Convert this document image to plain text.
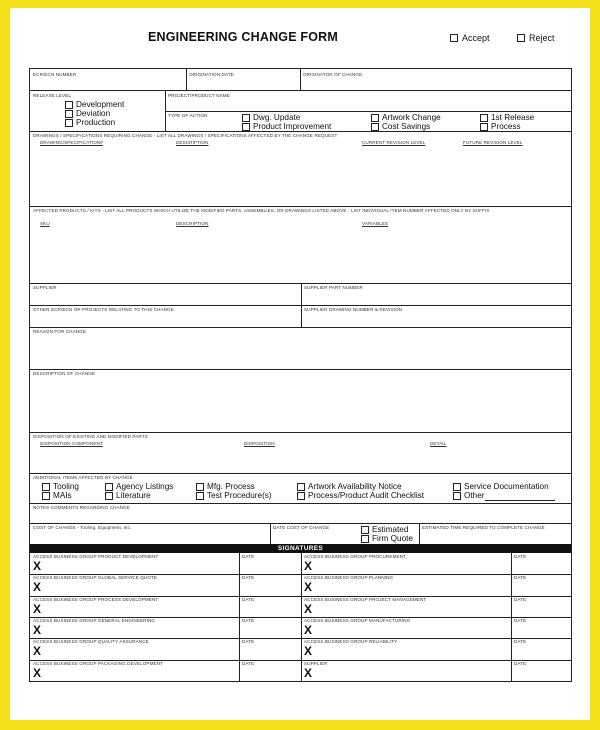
ENGINEERING CHANGE FORM	Accept	Reject
ECR/ECN NUMBER	ORIGINATION DATE	ORIGINATOR OF CHANGE
RELEASE LEVEL
Development
Deviation
Production
PROJECT/PRODUCT NAME
TYPE OF ACTION	Dwg. Update
Product Improvement
Artwork Change
Cost Savings
1st Release
Process
DRAWINGS / SPECIFICATIONS REQUIRING CHANGE - LIST ALL DRAWINGS / SPECIFICATIONS AFFECTED BY THE CHANGE REQUEST
DRAWING/SPECIFICATION#	DESCRIPTION	CURRENT REVISION LEVEL	FUTURE REVISION LEVEL
AFFECTED PRODUCTS / KITS - LIST ALL PRODUCTS WHICH UTILIZE THE MODIFIED PARTS, ASSEMBLIES, OR DRAWINGS LISTED ABOVE - LIST INDIVIDUAL ITEM NUMBER AFFECTED ONLY BY SUFFIX
SKU	DESCRIPTION	VARIABLES
SUPPLIER	SUPPLIER PART NUMBER
OTHER ECR/ECN OR PROJECTS RELATING TO THIS CHANGE	SUPPLIER DRAWING NUMBER & REVISION
REASON FOR CHANGE
DESCRIPTION OF CHANGE
DISPOSITION OF EXISTING AND MODIFIED PARTS
DISPOSITION COMPONENT	DISPOSITION	DETAIL
ADDITIONAL ITEMS AFFECTED BY CHANGE
Tooling	Agency Listings	Mfg. Process	Artwork Availability Notice	Service Documentation
MAIs	Literature	Test Procedure(s)	Process/Product Audit Checklist	Other
NOTES COMMENTS REGARDING CHANGE
COST OF CHANGE - Tooling, Equipment, etc.	DATE COST OF CHANGE	Estimated
Firm Quote
ESTIMATED TIME REQUIRED TO COMPLETE CHANGE
SIGNATURES
ACCESS BUSINESS GROUP PRODUCT DEVELOPMENT	DATE	ACCESS BUSINESS GROUP PROCUREMENT	DATE
X	X
ACCESS BUSINESS GROUP GLOBAL SERVICE QUOTE	DATE	ACCESS BUSINESS GROUP PLANNING	DATE
X	X
ACCESS BUSINESS GROUP PROCESS DEVELOPMENT	DATE	ACCESS BUSINESS GROUP PROJECT MANAGEMENT	DATE
X	X
ACCESS BUSINESS GROUP GENERAL ENGINEERING	DATE	ACCESS BUSINESS GROUP MANUFACTURING	DATE
X	X
ACCESS BUSINESS GROUP QUALITY ASSURANCE	DATE	ACCESS BUSINESS GROUP RELIABILITY	DATE
X	X
ACCESS BUSINESS GROUP PACKAGING DEVELOPMENT	DATE	SUPPLIER	DATE
X	X
